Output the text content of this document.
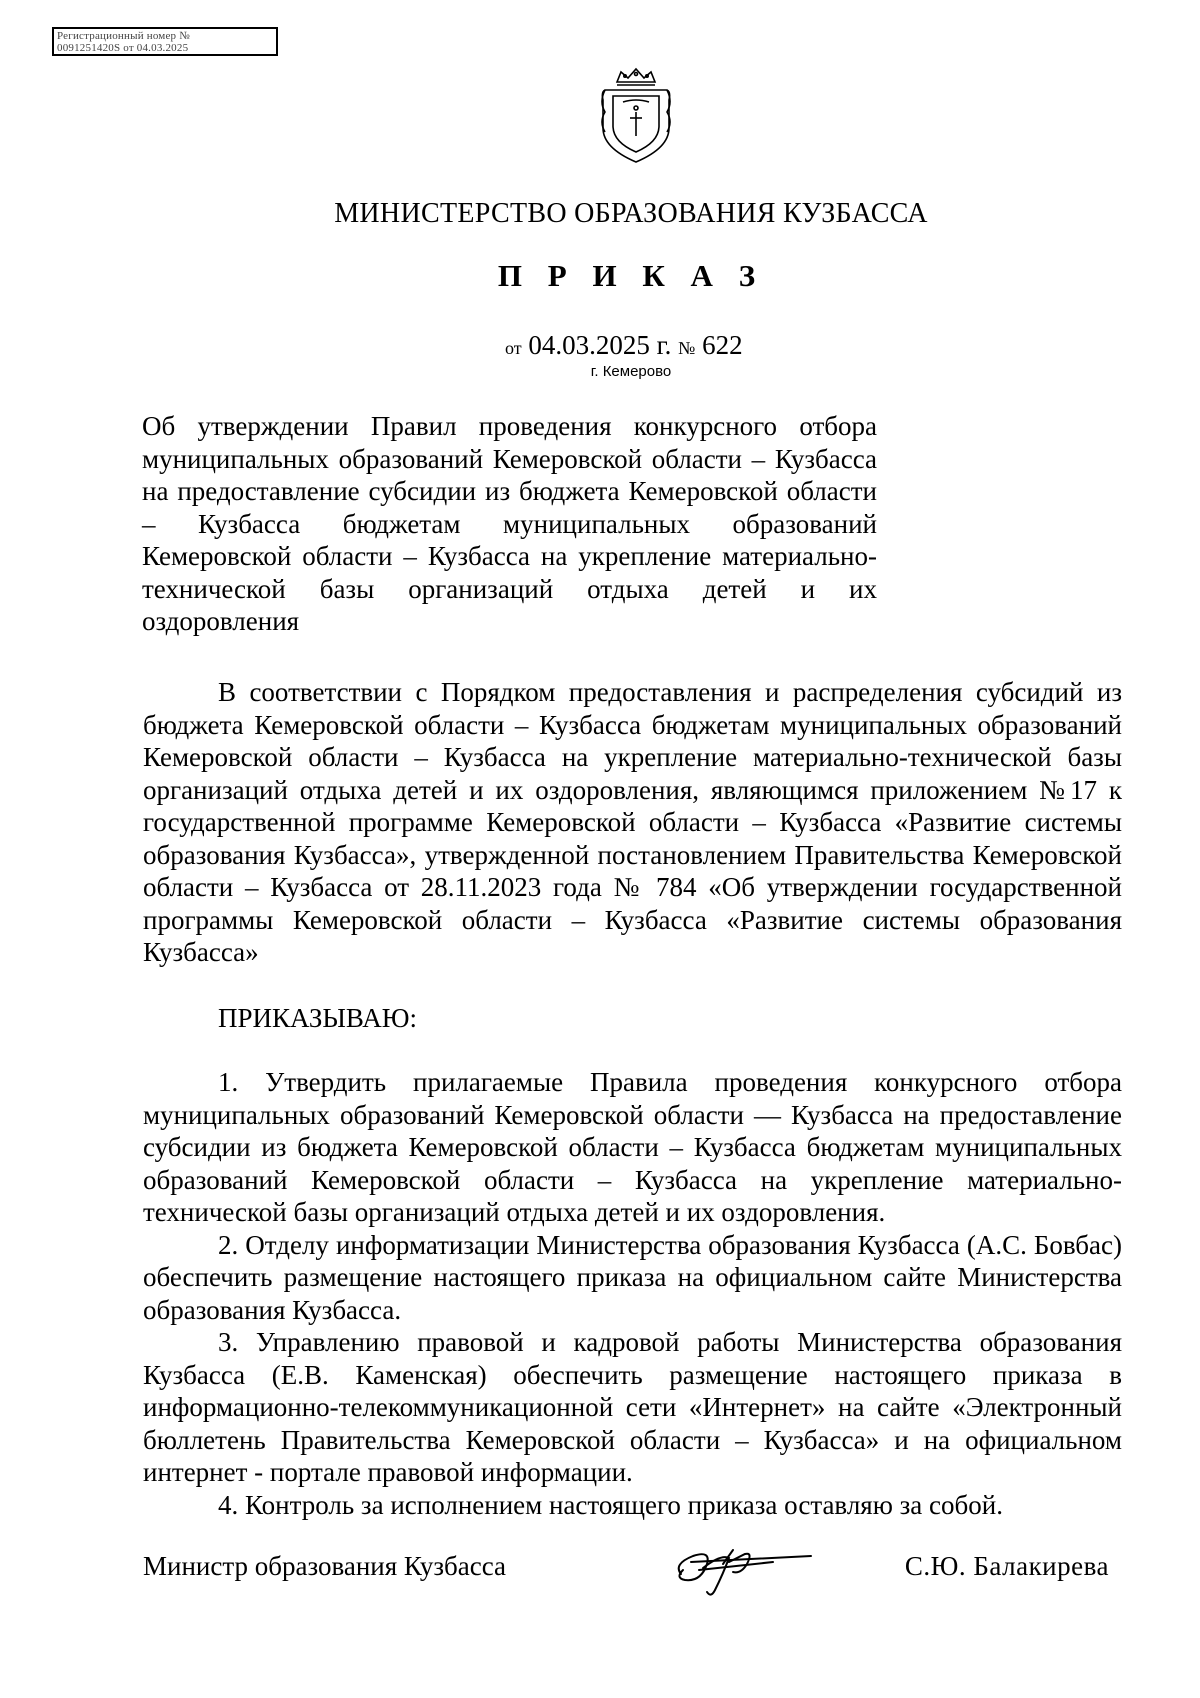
Регистрационный номер №
0091251420S от 04.03.2025
МИНИСТЕРСТВО ОБРАЗОВАНИЯ КУЗБАССА
П Р И К А З
от 04.03.2025 г. № 622
г. Кемерово
Об утверждении Правил проведения конкурсного отбора муниципальных образований Кемеровской области – Кузбасса на предоставление субсидии из бюджета Кемеровской области – Кузбасса бюджетам муниципальных образований Кемеровской области – Кузбасса на укрепление материально-технической базы организаций отдыха детей и их оздоровления
В соответствии с Порядком предоставления и распределения субсидий из бюджета Кемеровской области – Кузбасса бюджетам муниципальных образований Кемеровской области – Кузбасса на укрепление материально-технической базы организаций отдыха детей и их оздоровления, являющимся приложением №17 к государственной программе Кемеровской области – Кузбасса «Развитие системы образования Кузбасса», утвержденной постановлением Правительства Кемеровской области – Кузбасса от 28.11.2023 года № 784 «Об утверждении государственной программы Кемеровской области – Кузбасса «Развитие системы образования Кузбасса»
ПРИКАЗЫВАЮ:

1. Утвердить прилагаемые Правила проведения конкурсного отбора муниципальных образований Кемеровской области — Кузбасса на предоставление субсидии из бюджета Кемеровской области – Кузбасса бюджетам муниципальных образований Кемеровской области – Кузбасса на укрепление материально-технической базы организаций отдыха детей и их оздоровления.

2. Отделу информатизации Министерства образования Кузбасса (А.С. Бовбас) обеспечить размещение настоящего приказа на официальном сайте Министерства образования Кузбасса.

3. Управлению правовой и кадровой работы Министерства образования Кузбасса (Е.В. Каменская) обеспечить размещение настоящего приказа в информационно-телекоммуникационной сети «Интернет» на сайте «Электронный бюллетень Правительства Кемеровской области – Кузбасса» и на официальном интернет - портале правовой информации.

4. Контроль за исполнением настоящего приказа оставляю за собой.

Министр образования Кузбасса	С.Ю. Балакирева
